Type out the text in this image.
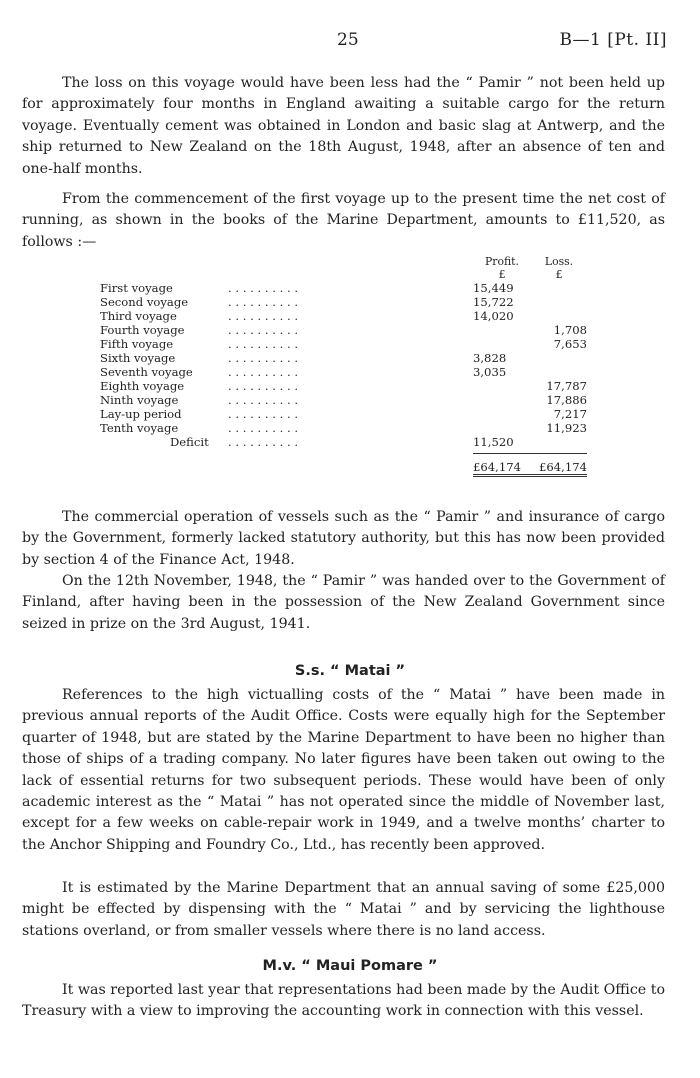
25	B—1 [Pt. II]

The loss on this voyage would have been less had the “ Pamir ” not been held up for approximately four months in England awaiting a suitable cargo for the return voyage. Eventually cement was obtained in London and basic slag at Antwerp, and the ship returned to New Zealand on the 18th August, 1948, after an absence of ten and one-half months.

From the commencement of the first voyage up to the present time the net cost of running, as shown in the books of the Marine Department, amounts to £11,520, as follows :—

		Profit.	Loss.
		£	£
First voyage	. . . . . . . . . .	15,449	
Second voyage	. . . . . . . . . .	15,722	
Third voyage	. . . . . . . . . .	14,020	
Fourth voyage	. . . . . . . . . .		1,708
Fifth voyage	. . . . . . . . . .		7,653
Sixth voyage	. . . . . . . . . .	3,828	
Seventh voyage	. . . . . . . . . .	3,035	
Eighth voyage	. . . . . . . . . .		17,787
Ninth voyage	. . . . . . . . . .		17,886
Lay-up period	. . . . . . . . . .		7,217
Tenth voyage	. . . . . . . . . .		11,923
Deficit	. . . . . . . . . .	11,520	

		£64,174	£64,174

The commercial operation of vessels such as the “ Pamir ” and insurance of cargo by the Government, formerly lacked statutory authority, but this has now been provided by section 4 of the Finance Act, 1948.

On the 12th November, 1948, the “ Pamir ” was handed over to the Government of Finland, after having been in the possession of the New Zealand Government since seized in prize on the 3rd August, 1941.

S.s. “ Matai ”

References to the high victualling costs of the “ Matai ” have been made in previous annual reports of the Audit Office. Costs were equally high for the September quarter of 1948, but are stated by the Marine Department to have been no higher than those of ships of a trading company. No later figures have been taken out owing to the lack of essential returns for two subsequent periods. These would have been of only academic interest as the “ Matai ” has not operated since the middle of November last, except for a few weeks on cable-repair work in 1949, and a twelve months’ charter to the Anchor Shipping and Foundry Co., Ltd., has recently been approved.

It is estimated by the Marine Department that an annual saving of some £25,000 might be effected by dispensing with the “ Matai ” and by servicing the lighthouse stations overland, or from smaller vessels where there is no land access.

M.v. “ Maui Pomare ”

It was reported last year that representations had been made by the Audit Office to Treasury with a view to improving the accounting work in connection with this vessel.
